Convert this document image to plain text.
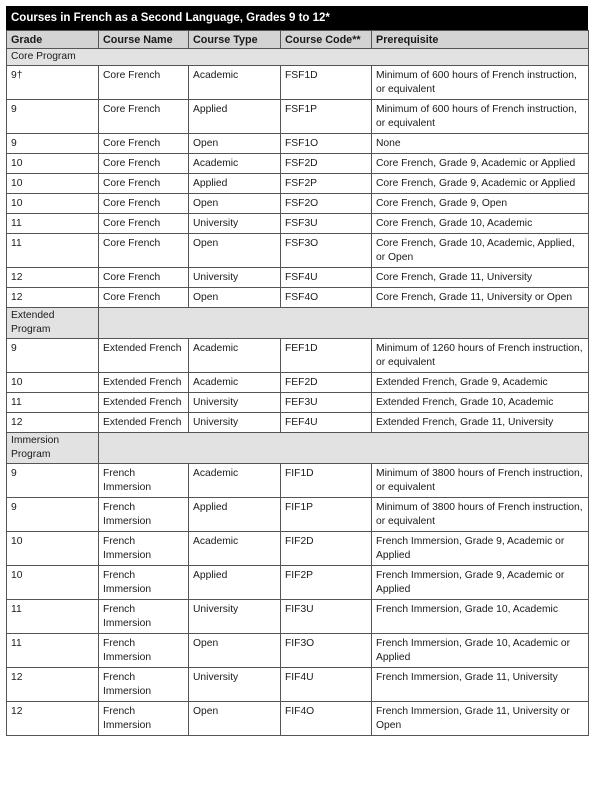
Courses in French as a Second Language, Grades 9 to 12*
Grade	Course Name	Course Type	Course Code**	Prerequisite
Core Program				
9†	Core French	Academic	FSF1D	Minimum of 600 hours of French instruction, or equivalent
9	Core French	Applied	FSF1P	Minimum of 600 hours of French instruction, or equivalent
9	Core French	Open	FSF1O	None
10	Core French	Academic	FSF2D	Core French, Grade 9, Academic or Applied
10	Core French	Applied	FSF2P	Core French, Grade 9, Academic or Applied
10	Core French	Open	FSF2O	Core French, Grade 9, Open
11	Core French	University	FSF3U	Core French, Grade 10, Academic
11	Core French	Open	FSF3O	Core French, Grade 10, Academic, Applied, or Open
12	Core French	University	FSF4U	Core French, Grade 11, University
12	Core French	Open	FSF4O	Core French, Grade 11, University or Open
Extended Program				
9	Extended French	Academic	FEF1D	Minimum of 1260 hours of French instruction, or equivalent
10	Extended French	Academic	FEF2D	Extended French, Grade 9, Academic
11	Extended French	University	FEF3U	Extended French, Grade 10, Academic
12	Extended French	University	FEF4U	Extended French, Grade 11, University
Immersion Program				
9	French Immersion	Academic	FIF1D	Minimum of 3800 hours of French instruction, or equivalent
9	French Immersion	Applied	FIF1P	Minimum of 3800 hours of French instruction, or equivalent
10	French Immersion	Academic	FIF2D	French Immersion, Grade 9, Academic or Applied
10	French Immersion	Applied	FIF2P	French Immersion, Grade 9, Academic or Applied
11	French Immersion	University	FIF3U	French Immersion, Grade 10, Academic
11	French Immersion	Open	FIF3O	French Immersion, Grade 10, Academic or Applied
12	French Immersion	University	FIF4U	French Immersion, Grade 11, University
12	French Immersion	Open	FIF4O	French Immersion, Grade 11, University or Open
